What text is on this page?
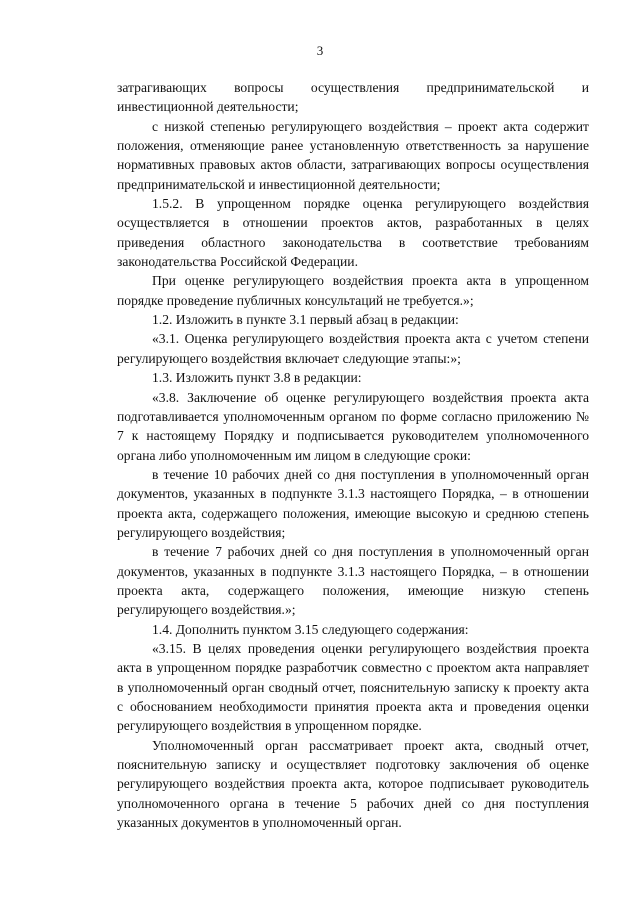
3

затрагивающих вопросы осуществления предпринимательской и инвестиционной деятельности;

с низкой степенью регулирующего воздействия – проект акта содержит положения, отменяющие ранее установленную ответственность за нарушение нормативных правовых актов области, затрагивающих вопросы осуществления предпринимательской и инвестиционной деятельности;

1.5.2. В упрощенном порядке оценка регулирующего воздействия осуществляется в отношении проектов актов, разработанных в целях приведения областного законодательства в соответствие требованиям законодательства Российской Федерации.

При оценке регулирующего воздействия проекта акта в упрощенном порядке проведение публичных консультаций не требуется.»;

1.2. Изложить в пункте 3.1 первый абзац в редакции:

«3.1. Оценка регулирующего воздействия проекта акта с учетом степени регулирующего воздействия включает следующие этапы:»;

1.3. Изложить пункт 3.8 в редакции:

«3.8. Заключение об оценке регулирующего воздействия проекта акта подготавливается уполномоченным органом по форме согласно приложению № 7 к настоящему Порядку и подписывается руководителем уполномоченного органа либо уполномоченным им лицом в следующие сроки:

в течение 10 рабочих дней со дня поступления в уполномоченный орган документов, указанных в подпункте 3.1.3 настоящего Порядка, – в отношении проекта акта, содержащего положения, имеющие высокую и среднюю степень регулирующего воздействия;

в течение 7 рабочих дней со дня поступления в уполномоченный орган документов, указанных в подпункте 3.1.3 настоящего Порядка, – в отношении проекта акта, содержащего положения, имеющие низкую степень регулирующего воздействия.»;

1.4. Дополнить пунктом 3.15 следующего содержания:

«3.15. В целях проведения оценки регулирующего воздействия проекта акта в упрощенном порядке разработчик совместно с проектом акта направляет в уполномоченный орган сводный отчет, пояснительную записку к проекту акта с обоснованием необходимости принятия проекта акта и проведения оценки регулирующего воздействия в упрощенном порядке.

Уполномоченный орган рассматривает проект акта, сводный отчет, пояснительную записку и осуществляет подготовку заключения об оценке регулирующего воздействия проекта акта, которое подписывает руководитель уполномоченного органа в течение 5 рабочих дней со дня поступления указанных документов в уполномоченный орган.
